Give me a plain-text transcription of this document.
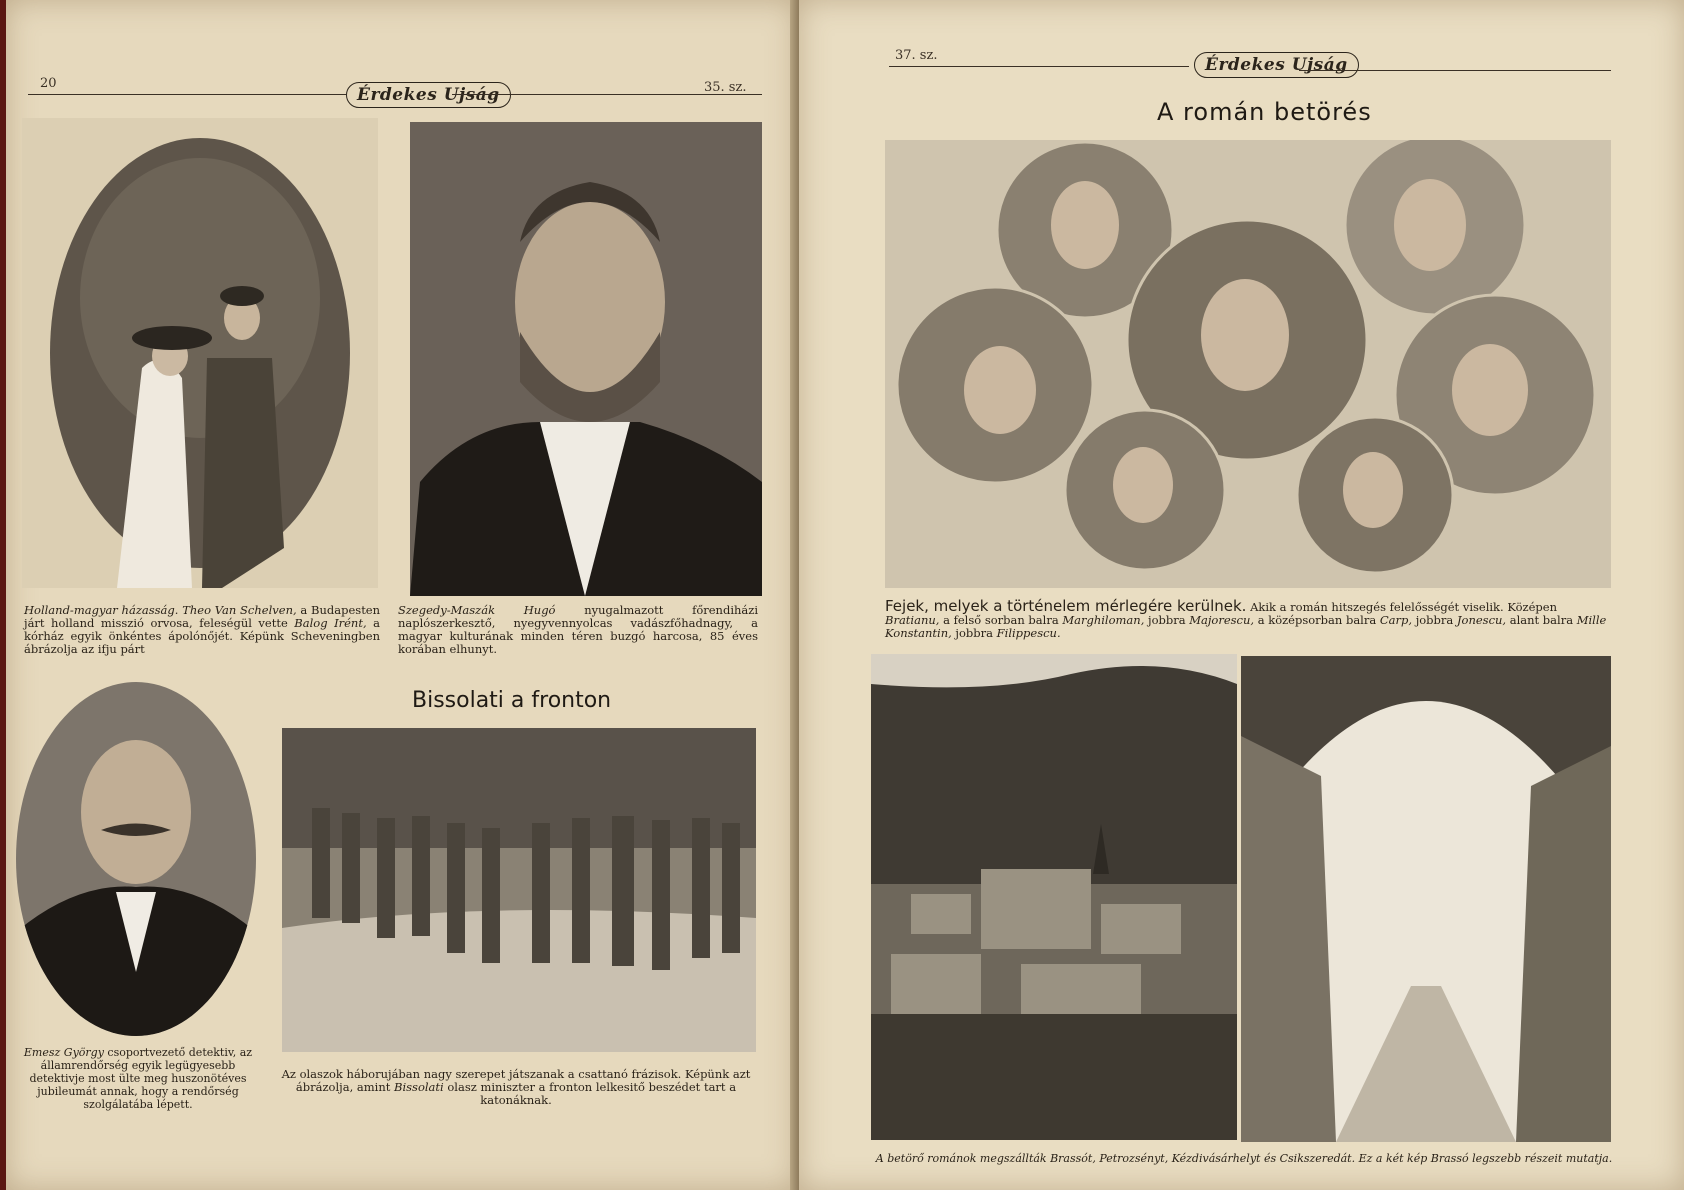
20
Érdekes Ujság	35. sz.
Holland-magyar házasság. Theo Van Schelven, a Budapesten járt holland misszió orvosa, feleségül vette Balog Irént, a kórház egyik önkéntes ápolónőjét. Képünk Scheveningben ábrázolja az ifju párt
Szegedy-Maszák Hugó nyugalmazott főrendiházi naplószerkesztő, nyegyvennyolcas vadászfőhadnagy, a magyar kulturának minden téren buzgó harcosa, 85 éves korában elhunyt.
Bissolati a fronton
Emesz György csoportvezető detektiv, az államrendőrség egyik legügyesebb detektivje most ülte meg huszonötéves jubileumát annak, hogy a rendőrség szolgálatába lépett.
Az olaszok háborujában nagy szerepet játszanak a csattanó frázisok. Képünk azt ábrázolja, amint Bissolati olasz miniszter a fronton lelkesitő beszédet tart a katonáknak.
37. sz.	Érdekes Ujság
A román betörés
Fejek, melyek a történelem mérlegére kerülnek. Akik a román hitszegés felelősségét viselik. Középen Bratianu, a felső sorban balra Marghiloman, jobbra Majorescu, a középsorban balra Carp, jobbra Jonescu, alant balra Mille Konstantin, jobbra Filippescu.
A betörő románok megszállták Brassót, Petrozsényt, Kézdivásárhelyt és Csikszeredát. Ez a két kép Brassó legszebb részeit mutatja.
